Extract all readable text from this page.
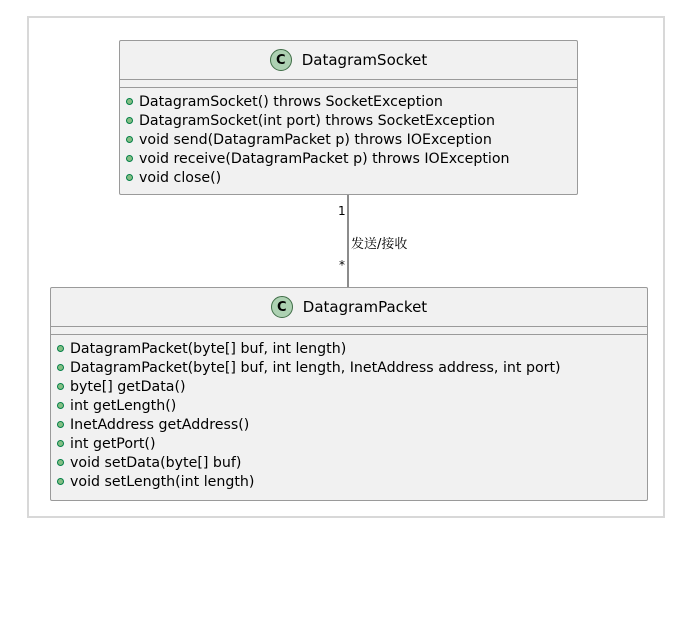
C	DatagramSocket
DatagramSocket() throws SocketException
DatagramSocket(int port) throws SocketException
void send(DatagramPacket p) throws IOException
void receive(DatagramPacket p) throws IOException
void close()
1
发送/接收
*
C	DatagramPacket
DatagramPacket(byte[] buf, int length)
DatagramPacket(byte[] buf, int length, InetAddress address, int port)
byte[] getData()
int getLength()
InetAddress getAddress()
int getPort()
void setData(byte[] buf)
void setLength(int length)
